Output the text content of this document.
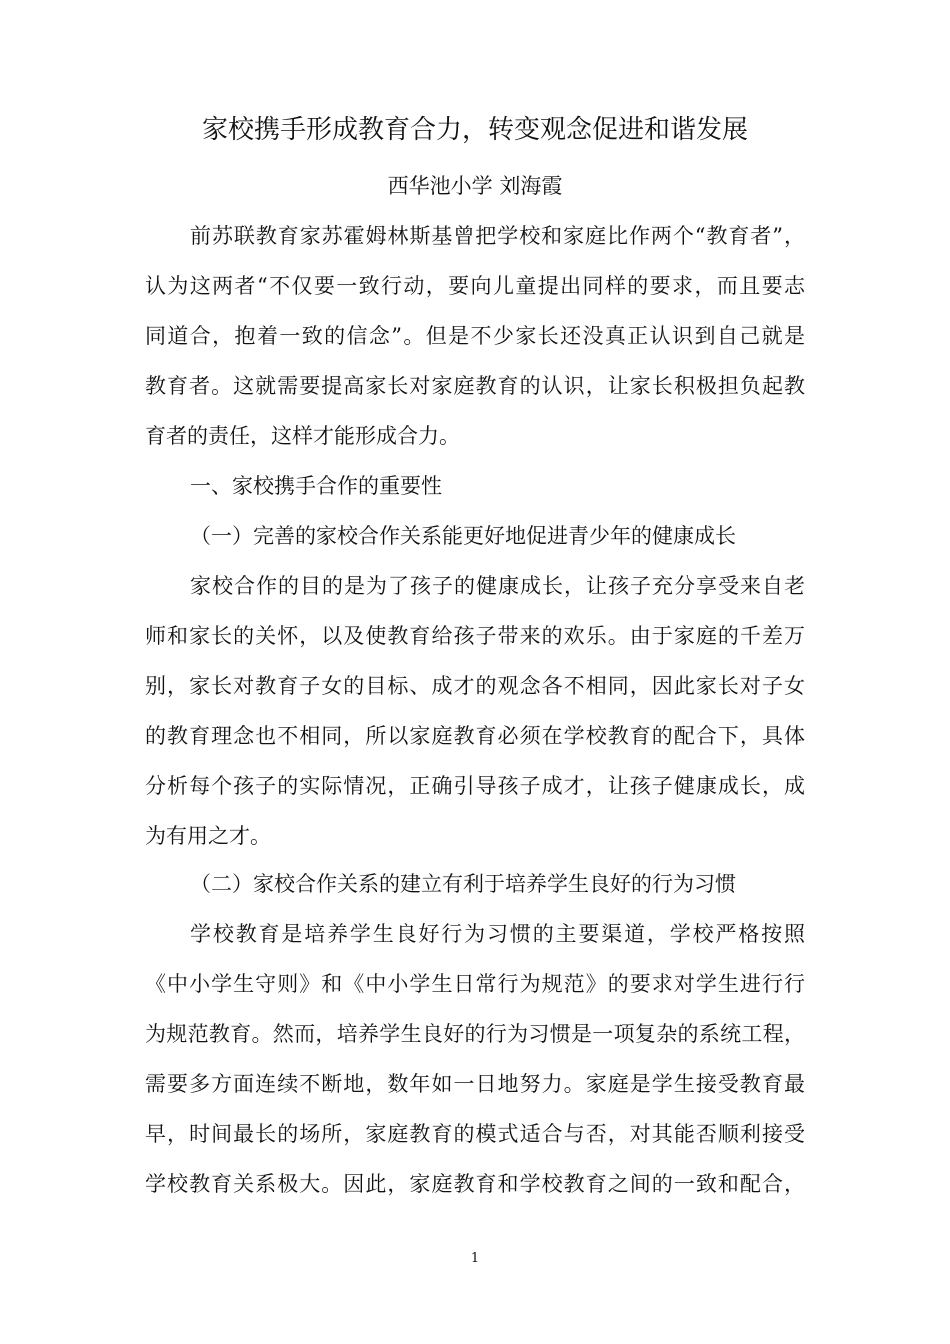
家校携手形成教育合力，转变观念促进和谐发展
西华池小学 刘海霞
前苏联教育家苏霍姆林斯基曾把学校和家庭比作两个“教育者”，
认为这两者“不仅要一致行动，要向儿童提出同样的要求，而且要志
同道合，抱着一致的信念”。但是不少家长还没真正认识到自己就是
教育者。这就需要提高家长对家庭教育的认识，让家长积极担负起教
育者的责任，这样才能形成合力。
一、家校携手合作的重要性
（一）完善的家校合作关系能更好地促进青少年的健康成长
家校合作的目的是为了孩子的健康成长，让孩子充分享受来自老
师和家长的关怀，以及使教育给孩子带来的欢乐。由于家庭的千差万
别，家长对教育子女的目标、成才的观念各不相同，因此家长对子女
的教育理念也不相同，所以家庭教育必须在学校教育的配合下，具体
分析每个孩子的实际情况，正确引导孩子成才，让孩子健康成长，成
为有用之才。
（二）家校合作关系的建立有利于培养学生良好的行为习惯
学校教育是培养学生良好行为习惯的主要渠道，学校严格按照
《中小学生守则》和《中小学生日常行为规范》的要求对学生进行行
为规范教育。然而，培养学生良好的行为习惯是一项复杂的系统工程，
需要多方面连续不断地，数年如一日地努力。家庭是学生接受教育最
早，时间最长的场所，家庭教育的模式适合与否，对其能否顺利接受
学校教育关系极大。因此，家庭教育和学校教育之间的一致和配合，
1
